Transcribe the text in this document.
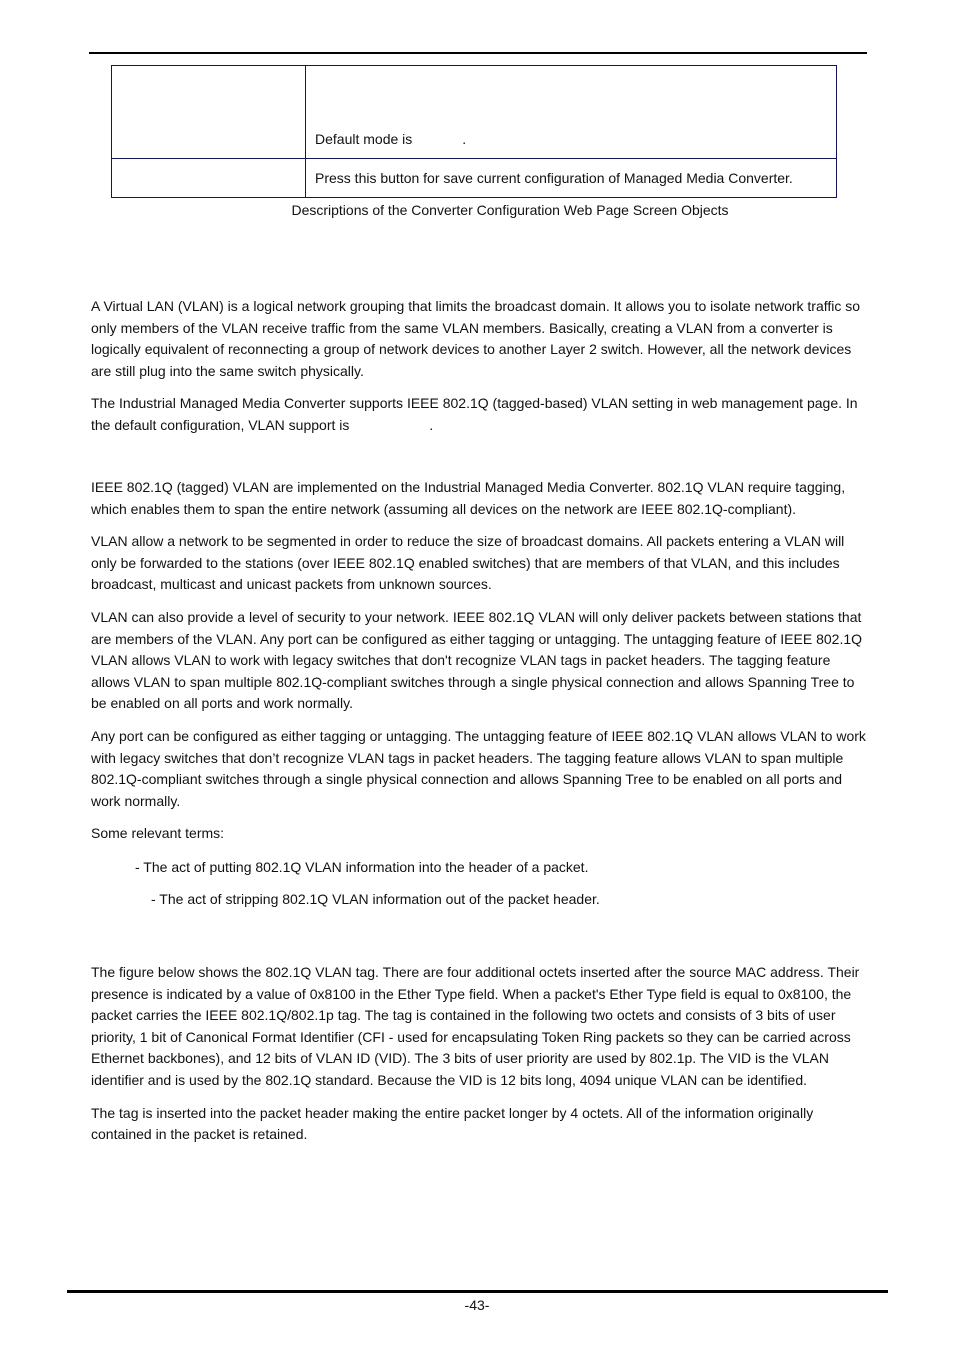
	Default mode is .
	Press this button for save current configuration of Managed Media Converter.
Descriptions of the Converter Configuration Web Page Screen Objects

A Virtual LAN (VLAN) is a logical network grouping that limits the broadcast domain. It allows you to isolate network traffic so only members of the VLAN receive traffic from the same VLAN members. Basically, creating a VLAN from a converter is logically equivalent of reconnecting a group of network devices to another Layer 2 switch. However, all the network devices are still plug into the same switch physically.

The Industrial Managed Media Converter supports IEEE 802.1Q (tagged-based) VLAN setting in web management page. In the default configuration, VLAN support is	.

IEEE 802.1Q (tagged) VLAN are implemented on the Industrial Managed Media Converter. 802.1Q VLAN require tagging, which enables them to span the entire network (assuming all devices on the network are IEEE 802.1Q-compliant).

VLAN allow a network to be segmented in order to reduce the size of broadcast domains. All packets entering a VLAN will only be forwarded to the stations (over IEEE 802.1Q enabled switches) that are members of that VLAN, and this includes broadcast, multicast and unicast packets from unknown sources.

VLAN can also provide a level of security to your network. IEEE 802.1Q VLAN will only deliver packets between stations that are members of the VLAN. Any port can be configured as either tagging or untagging. The untagging feature of IEEE 802.1Q VLAN allows VLAN to work with legacy switches that don't recognize VLAN tags in packet headers. The tagging feature allows VLAN to span multiple 802.1Q-compliant switches through a single physical connection and allows Spanning Tree to be enabled on all ports and work normally.

Any port can be configured as either tagging or untagging. The untagging feature of IEEE 802.1Q VLAN allows VLAN to work with legacy switches that don’t recognize VLAN tags in packet headers. The tagging feature allows VLAN to span multiple 802.1Q-compliant switches through a single physical connection and allows Spanning Tree to be enabled on all ports and work normally.

Some relevant terms:

- The act of putting 802.1Q VLAN information into the header of a packet.
- The act of stripping 802.1Q VLAN information out of the packet header.

The figure below shows the 802.1Q VLAN tag. There are four additional octets inserted after the source MAC address. Their presence is indicated by a value of 0x8100 in the Ether Type field. When a packet's Ether Type field is equal to 0x8100, the packet carries the IEEE 802.1Q/802.1p tag. The tag is contained in the following two octets and consists of 3 bits of user priority, 1 bit of Canonical Format Identifier (CFI - used for encapsulating Token Ring packets so they can be carried across Ethernet backbones), and 12 bits of VLAN ID (VID). The 3 bits of user priority are used by 802.1p. The VID is the VLAN identifier and is used by the 802.1Q standard. Because the VID is 12 bits long, 4094 unique VLAN can be identified.

The tag is inserted into the packet header making the entire packet longer by 4 octets. All of the information originally contained in the packet is retained.

-43-
